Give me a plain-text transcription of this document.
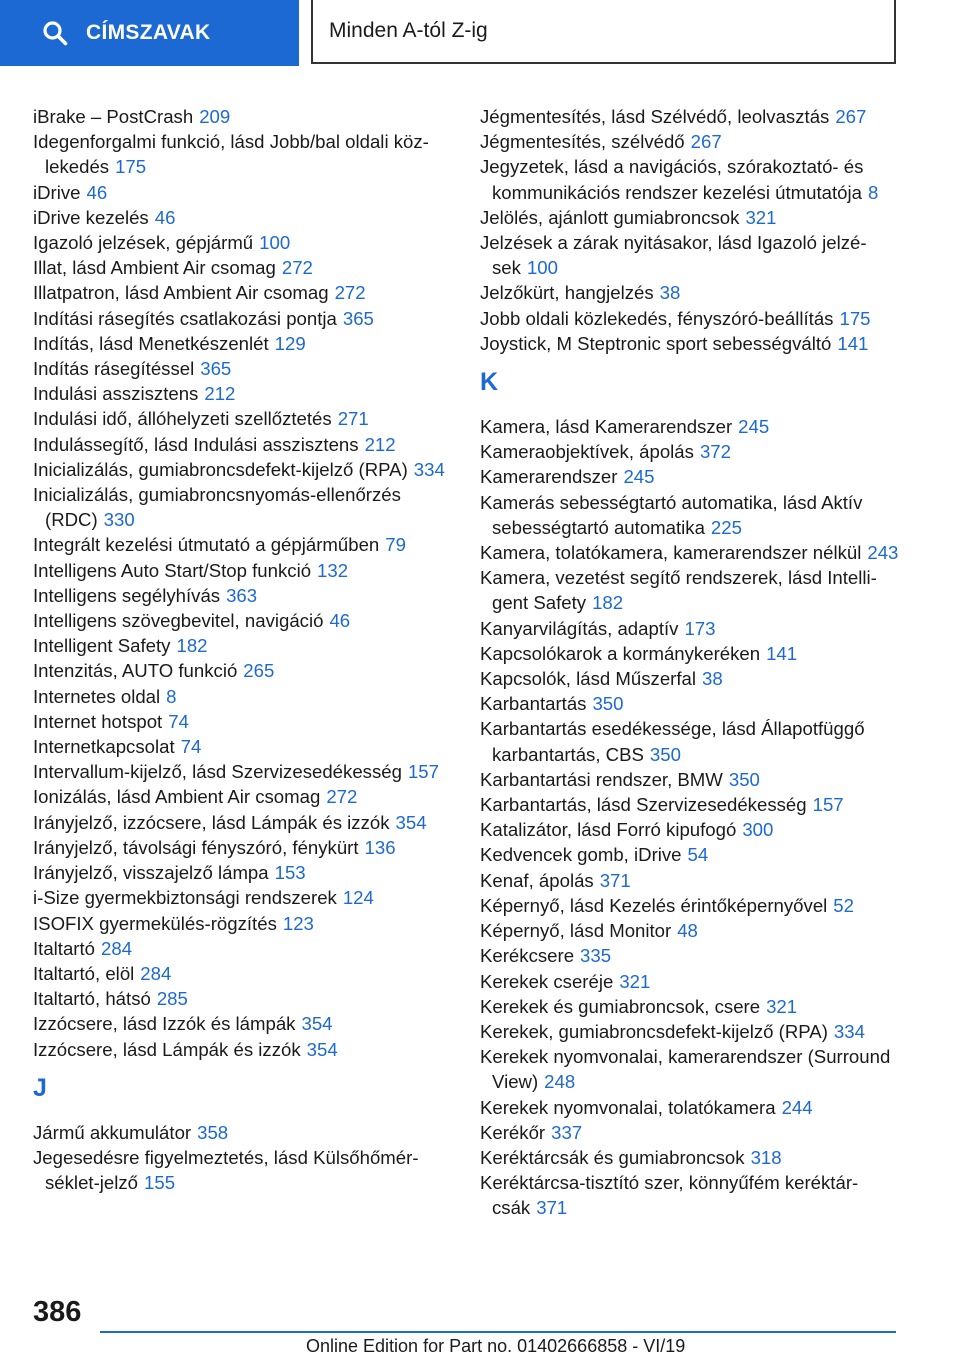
CÍMSZAVAK	Minden A-tól Z-ig
iBrake – PostCrash 209
Idegenforgalmi funkció, lásd Jobb/bal oldali közlekedés 175
iDrive 46
iDrive kezelés 46
Igazoló jelzések, gépjármű 100
Illat, lásd Ambient Air csomag 272
Illatpatron, lásd Ambient Air csomag 272
Indítási rásegítés csatlakozási pontja 365
Indítás, lásd Menetkészenlét 129
Indítás rásegítéssel 365
Indulási asszisztens 212
Indulási idő, állóhelyzeti szellőztetés 271
Indulássegítő, lásd Indulási asszisztens 212
Inicializálás, gumiabroncsdefekt-kijelző (RPA) 334
Inicializálás, gumiabroncsnyomás-ellenőrzés (RDC) 330
Integrált kezelési útmutató a gépjárműben 79
Intelligens Auto Start/Stop funkció 132
Intelligens segélyhívás 363
Intelligens szövegbevitel, navigáció 46
Intelligent Safety 182
Intenzitás, AUTO funkció 265
Internetes oldal 8
Internet hotspot 74
Internetkapcsolat 74
Intervallum-kijelző, lásd Szervizesedékesség 157
Ionizálás, lásd Ambient Air csomag 272
Irányjelző, izzócsere, lásd Lámpák és izzók 354
Irányjelző, távolsági fényszóró, fénykürt 136
Irányjelző, visszajelző lámpa 153
i-Size gyermekbiztonsági rendszerek 124
ISOFIX gyermekülés-rögzítés 123
Italtartó 284
Italtartó, elöl 284
Italtartó, hátsó 285
Izzócsere, lásd Izzók és lámpák 354
Izzócsere, lásd Lámpák és izzók 354
J
Jármű akkumulátor 358
Jegesedésre figyelmeztetés, lásd Külsőhőmérséklet-jelző 155
Jégmentesítés, lásd Szélvédő, leolvasztás 267
Jégmentesítés, szélvédő 267
Jegyzetek, lásd a navigációs, szórakoztató- és kommunikációs rendszer kezelési útmutatója 8
Jelölés, ajánlott gumiabroncsok 321
Jelzések a zárak nyitásakor, lásd Igazoló jelzések 100
Jelzőkürt, hangjelzés 38
Jobb oldali közlekedés, fényszóró-beállítás 175
Joystick, M Steptronic sport sebességváltó 141
K
Kamera, lásd Kamerarendszer 245
Kameraobjektívek, ápolás 372
Kamerarendszer 245
Kamerás sebességtartó automatika, lásd Aktív sebességtartó automatika 225
Kamera, tolatókamera, kamerarendszer nélkül 243
Kamera, vezetést segítő rendszerek, lásd Intelligent Safety 182
Kanyarvilágítás, adaptív 173
Kapcsolókarok a kormánykeréken 141
Kapcsolók, lásd Műszerfal 38
Karbantartás 350
Karbantartás esedékessége, lásd Állapotfüggő karbantartás, CBS 350
Karbantartási rendszer, BMW 350
Karbantartás, lásd Szervizesedékesség 157
Katalizátor, lásd Forró kipufogó 300
Kedvencek gomb, iDrive 54
Kenaf, ápolás 371
Képernyő, lásd Kezelés érintőképernyővel 52
Képernyő, lásd Monitor 48
Kerékcsere 335
Kerekek cseréje 321
Kerekek és gumiabroncsok, csere 321
Kerekek, gumiabroncsdefekt-kijelző (RPA) 334
Kerekek nyomvonalai, kamerarendszer (Surround View) 248
Kerekek nyomvonalai, tolatókamera 244
Kerékőr 337
Keréktárcsák és gumiabroncsok 318
Keréktárcsa-tisztító szer, könnyűfém keréktárcsák 371
386
Online Edition for Part no. 01402666858 - VI/19
